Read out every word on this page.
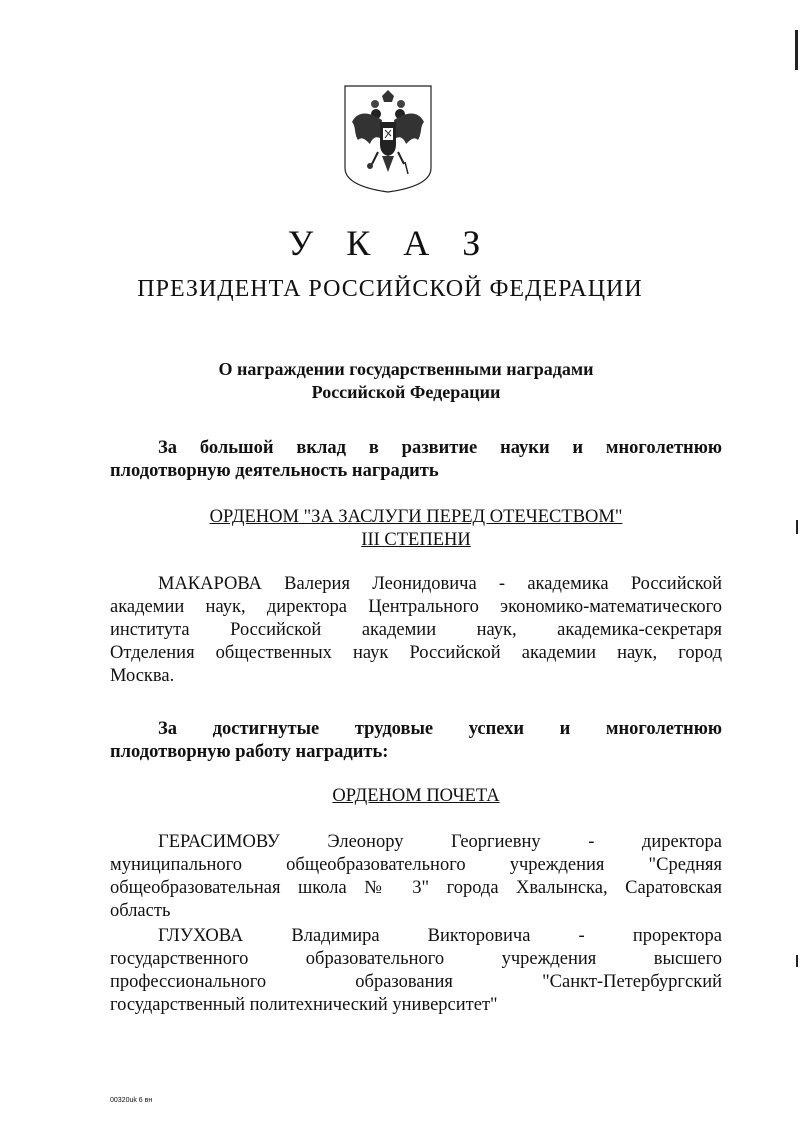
У К А З
ПРЕЗИДЕНТА РОССИЙСКОЙ ФЕДЕРАЦИИ
О награждении государственными наградами
Российской Федерации
За большой вклад в развитие науки и многолетнюю
плодотворную деятельность наградить
ОРДЕНОМ "ЗА ЗАСЛУГИ ПЕРЕД ОТЕЧЕСТВОМ"
III СТЕПЕНИ
МАКАРОВА Валерия Леонидовича - академика Российской
академии наук, директора Центрального экономико-математического
института Российской академии наук, академика-секретаря
Отделения общественных наук Российской академии наук, город
Москва.
За достигнутые трудовые успехи и многолетнюю
плодотворную работу наградить:
ОРДЕНОМ ПОЧЕТА
ГЕРАСИМОВУ Элеонору Георгиевну - директора
муниципального общеобразовательного учреждения "Средняя
общеобразовательная школа № 3" города Хвалынска, Саратовская
область
ГЛУХОВА Владимира Викторовича - проректора
государственного образовательного учреждения высшего
профессионального образования "Санкт-Петербургский
государственный политехнический университет"
00320uk 6 вн
